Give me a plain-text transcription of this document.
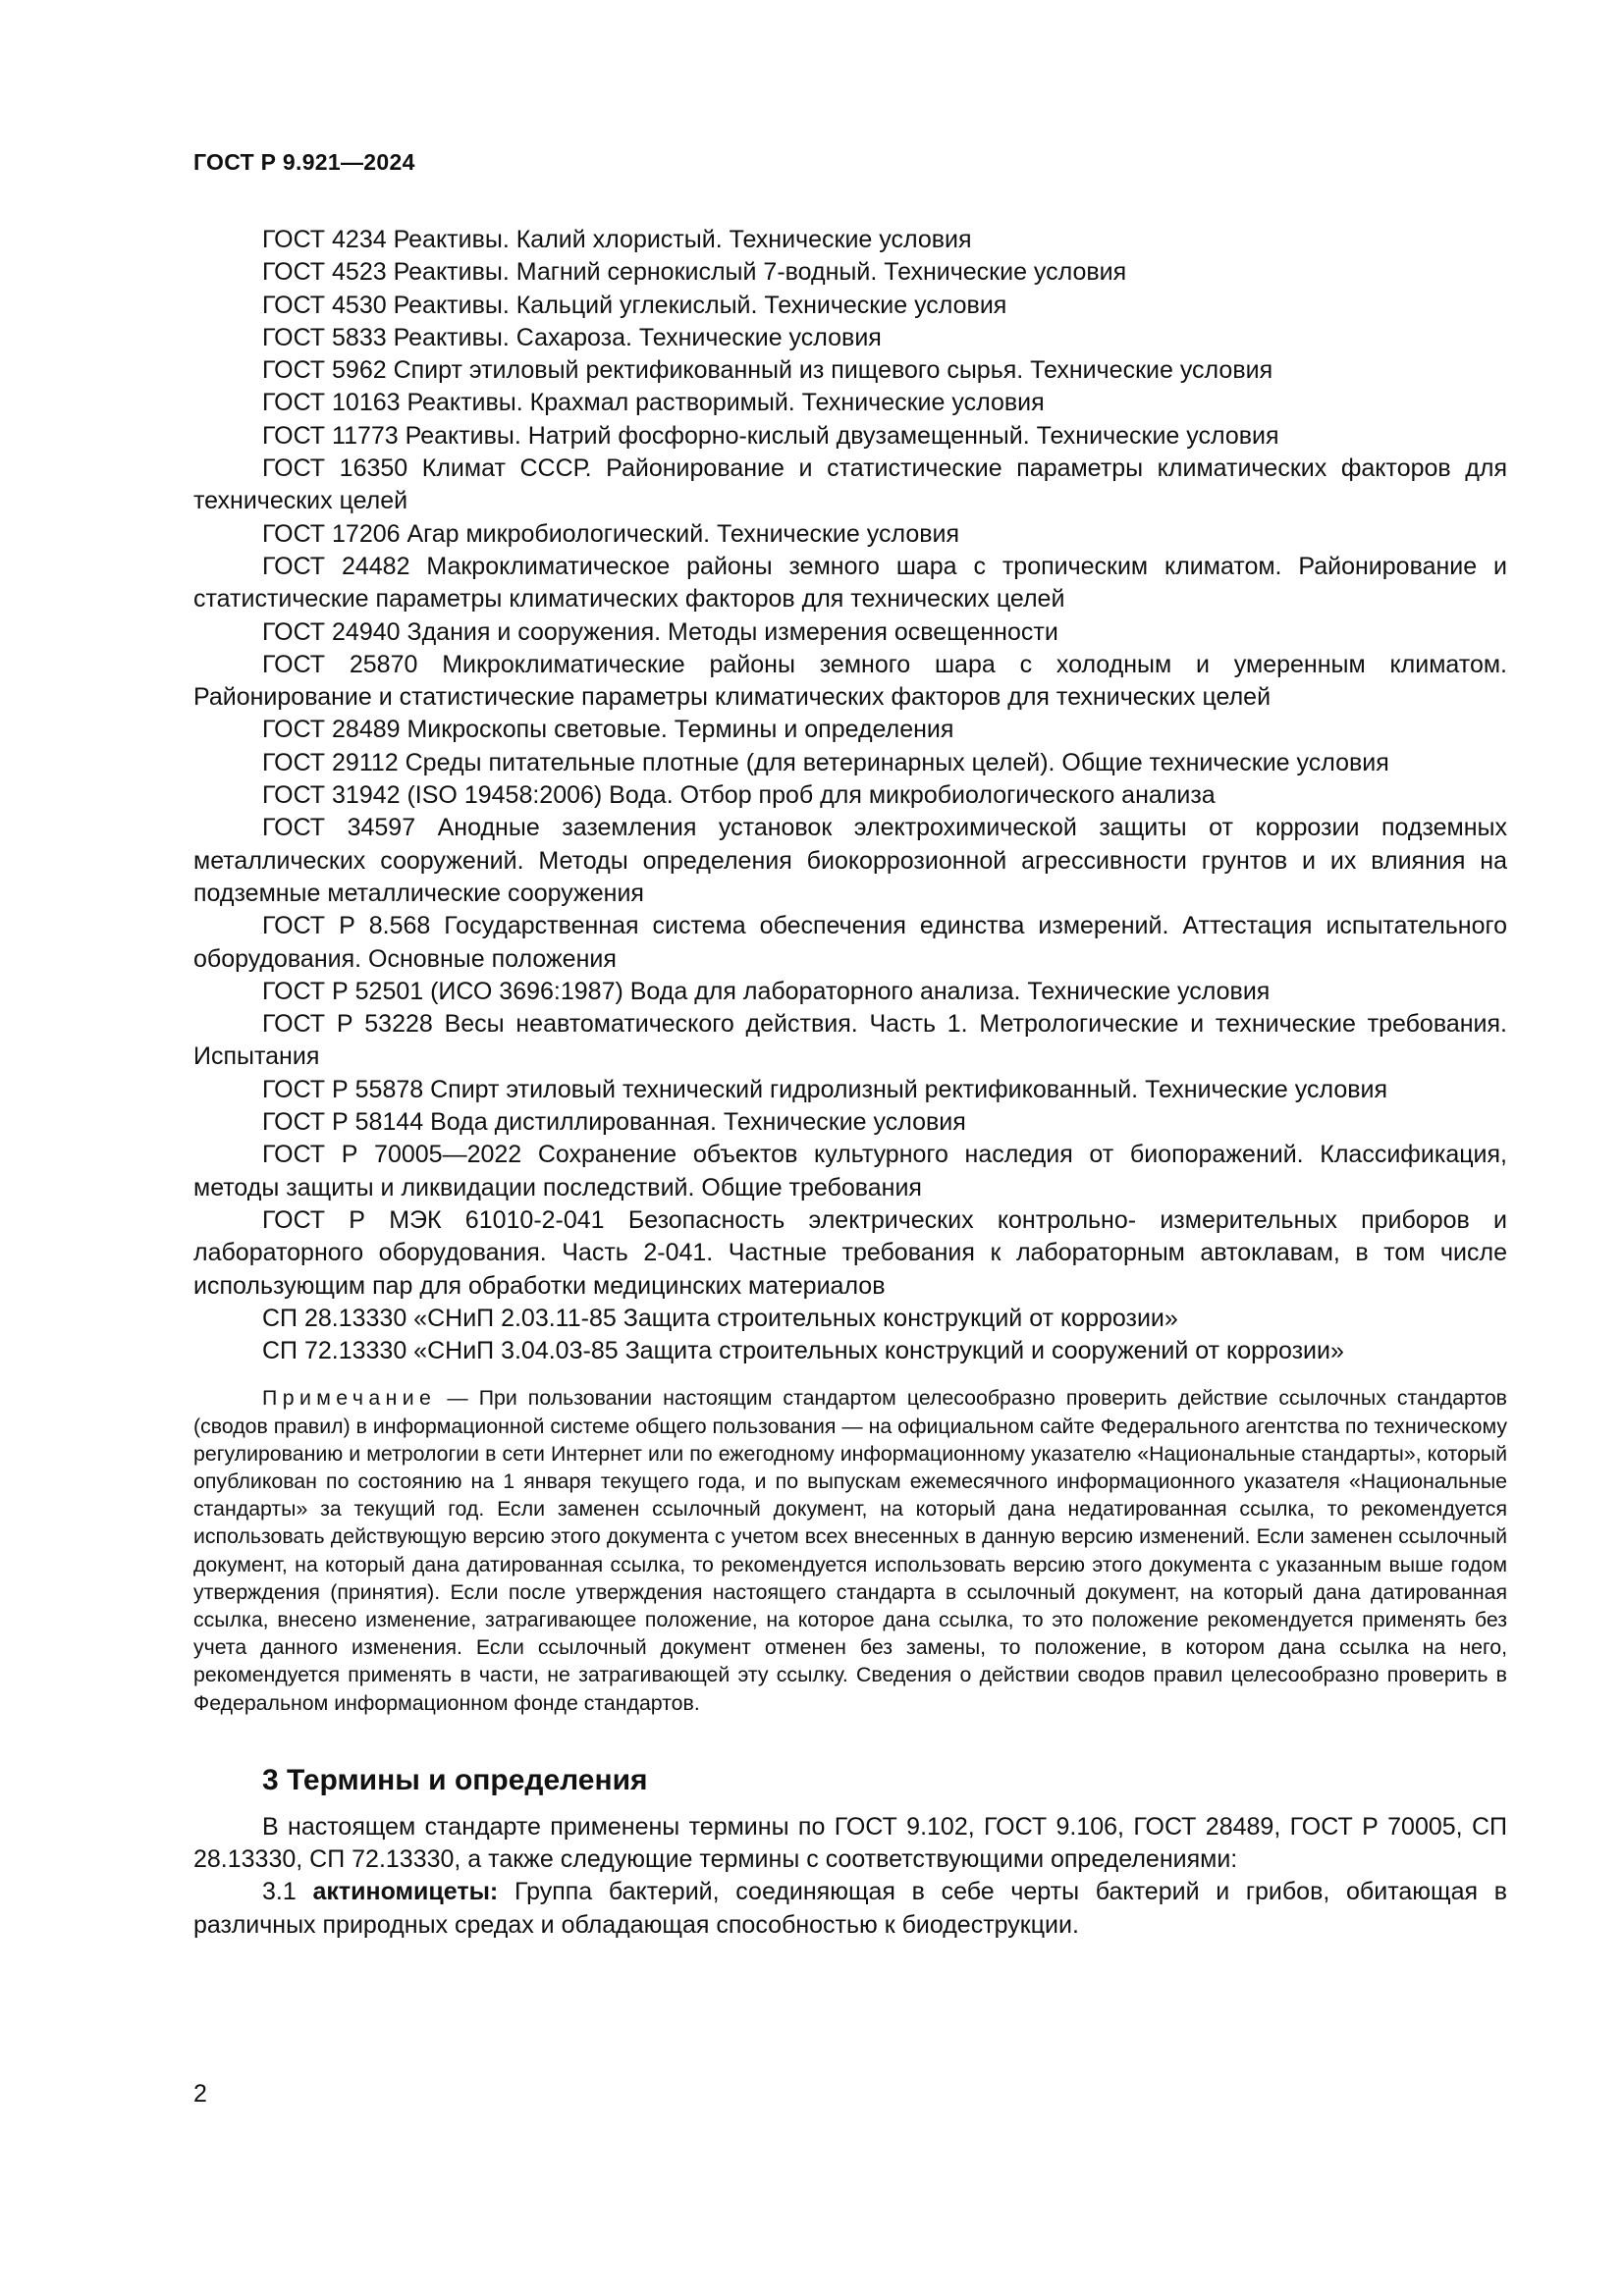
ГОСТ Р 9.921—2024

ГОСТ 4234 Реактивы. Калий хлористый. Технические условия

ГОСТ 4523 Реактивы. Магний сернокислый 7-водный. Технические условия

ГОСТ 4530 Реактивы. Кальций углекислый. Технические условия

ГОСТ 5833 Реактивы. Сахароза. Технические условия

ГОСТ 5962 Спирт этиловый ректификованный из пищевого сырья. Технические условия

ГОСТ 10163 Реактивы. Крахмал растворимый. Технические условия

ГОСТ 11773 Реактивы. Натрий фосфорно-кислый двузамещенный. Технические условия

ГОСТ 16350 Климат СССР. Районирование и статистические параметры климатических факторов для технических целей

ГОСТ 17206 Агар микробиологический. Технические условия

ГОСТ 24482 Макроклиматическое районы земного шара с тропическим климатом. Районирование и статистические параметры климатических факторов для технических целей

ГОСТ 24940 Здания и сооружения. Методы измерения освещенности

ГОСТ 25870 Микроклиматические районы земного шара с холодным и умеренным климатом. Районирование и статистические параметры климатических факторов для технических целей

ГОСТ 28489 Микроскопы световые. Термины и определения

ГОСТ 29112 Среды питательные плотные (для ветеринарных целей). Общие технические условия

ГОСТ 31942 (ISO 19458:2006) Вода. Отбор проб для микробиологического анализа

ГОСТ 34597 Анодные заземления установок электрохимической защиты от коррозии подземных металлических сооружений. Методы определения биокоррозионной агрессивности грунтов и их влияния на подземные металлические сооружения

ГОСТ Р 8.568 Государственная система обеспечения единства измерений. Аттестация испытательного оборудования. Основные положения

ГОСТ Р 52501 (ИСО 3696:1987) Вода для лабораторного анализа. Технические условия

ГОСТ Р 53228 Весы неавтоматического действия. Часть 1. Метрологические и технические требования. Испытания

ГОСТ Р 55878 Спирт этиловый технический гидролизный ректификованный. Технические условия

ГОСТ Р 58144 Вода дистиллированная. Технические условия

ГОСТ Р 70005—2022 Сохранение объектов культурного наследия от биопоражений. Классификация, методы защиты и ликвидации последствий. Общие требования

ГОСТ Р МЭК 61010-2-041 Безопасность электрических контрольно- измерительных приборов и лабораторного оборудования. Часть 2-041. Частные требования к лабораторным автоклавам, в том числе использующим пар для обработки медицинских материалов

СП 28.13330 «СНиП 2.03.11-85 Защита строительных конструкций от коррозии»

СП 72.13330 «СНиП 3.04.03-85 Защита строительных конструкций и сооружений от коррозии»

Примечание — При пользовании настоящим стандартом целесообразно проверить действие ссылочных стандартов (сводов правил) в информационной системе общего пользования — на официальном сайте Федерального агентства по техническому регулированию и метрологии в сети Интернет или по ежегодному информационному указателю «Национальные стандарты», который опубликован по состоянию на 1 января текущего года, и по выпускам ежемесячного информационного указателя «Национальные стандарты» за текущий год. Если заменен ссылочный документ, на который дана недатированная ссылка, то рекомендуется использовать действующую версию этого документа с учетом всех внесенных в данную версию изменений. Если заменен ссылочный документ, на который дана датированная ссылка, то рекомендуется использовать версию этого документа с указанным выше годом утверждения (принятия). Если после утверждения настоящего стандарта в ссылочный документ, на который дана датированная ссылка, внесено изменение, затрагивающее положение, на которое дана ссылка, то это положение рекомендуется применять без учета данного изменения. Если ссылочный документ отменен без замены, то положение, в котором дана ссылка на него, рекомендуется применять в части, не затрагивающей эту ссылку. Сведения о действии сводов правил целесообразно проверить в Федеральном информационном фонде стандартов.

3 Термины и определения

В настоящем стандарте применены термины по ГОСТ 9.102, ГОСТ 9.106, ГОСТ 28489, ГОСТ Р 70005, СП 28.13330, СП 72.13330, а также следующие термины с соответствующими определениями:

3.1 актиномицеты: Группа бактерий, соединяющая в себе черты бактерий и грибов, обитающая в различных природных средах и обладающая способностью к биодеструкции.

2
